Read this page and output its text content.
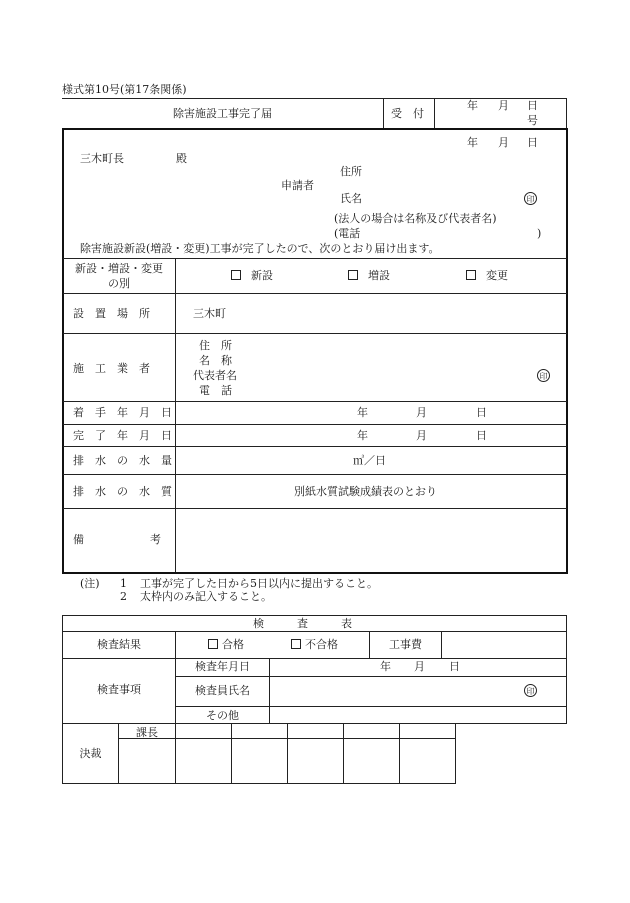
様式第10号(第17条関係)
除害施設工事完了届	受　付
年 月 日
号
年 月 日
三木町長	殿
住所
申請者
氏名	印
(法人の場合は名称及び代表者名)
(電話	)
除害施設新設(増設・変更)工事が完了したので、次のとおり届け出ます。
新設・増設・変更
の別
新設	増設	変更
設　置　場　所	三木町
施　工　業　者
住　所
名　称
代表者名
電　話
印
着　手　年　月　日	年	月	日
完　了　年　月　日	年	月	日
排　水　の　水　量	㎥／日
排　水　の　水　質	別紙水質試験成績表のとおり
備　　　　　　考
(注) 1 工事が完了した日から5日以内に提出すること。
2 太枠内のみ記入すること。
検　　　査　　　表
検査結果	合格	不合格	工事費
検査事項
検査年月日	年 月 日
検査員氏名	印
その他
決裁
課長
